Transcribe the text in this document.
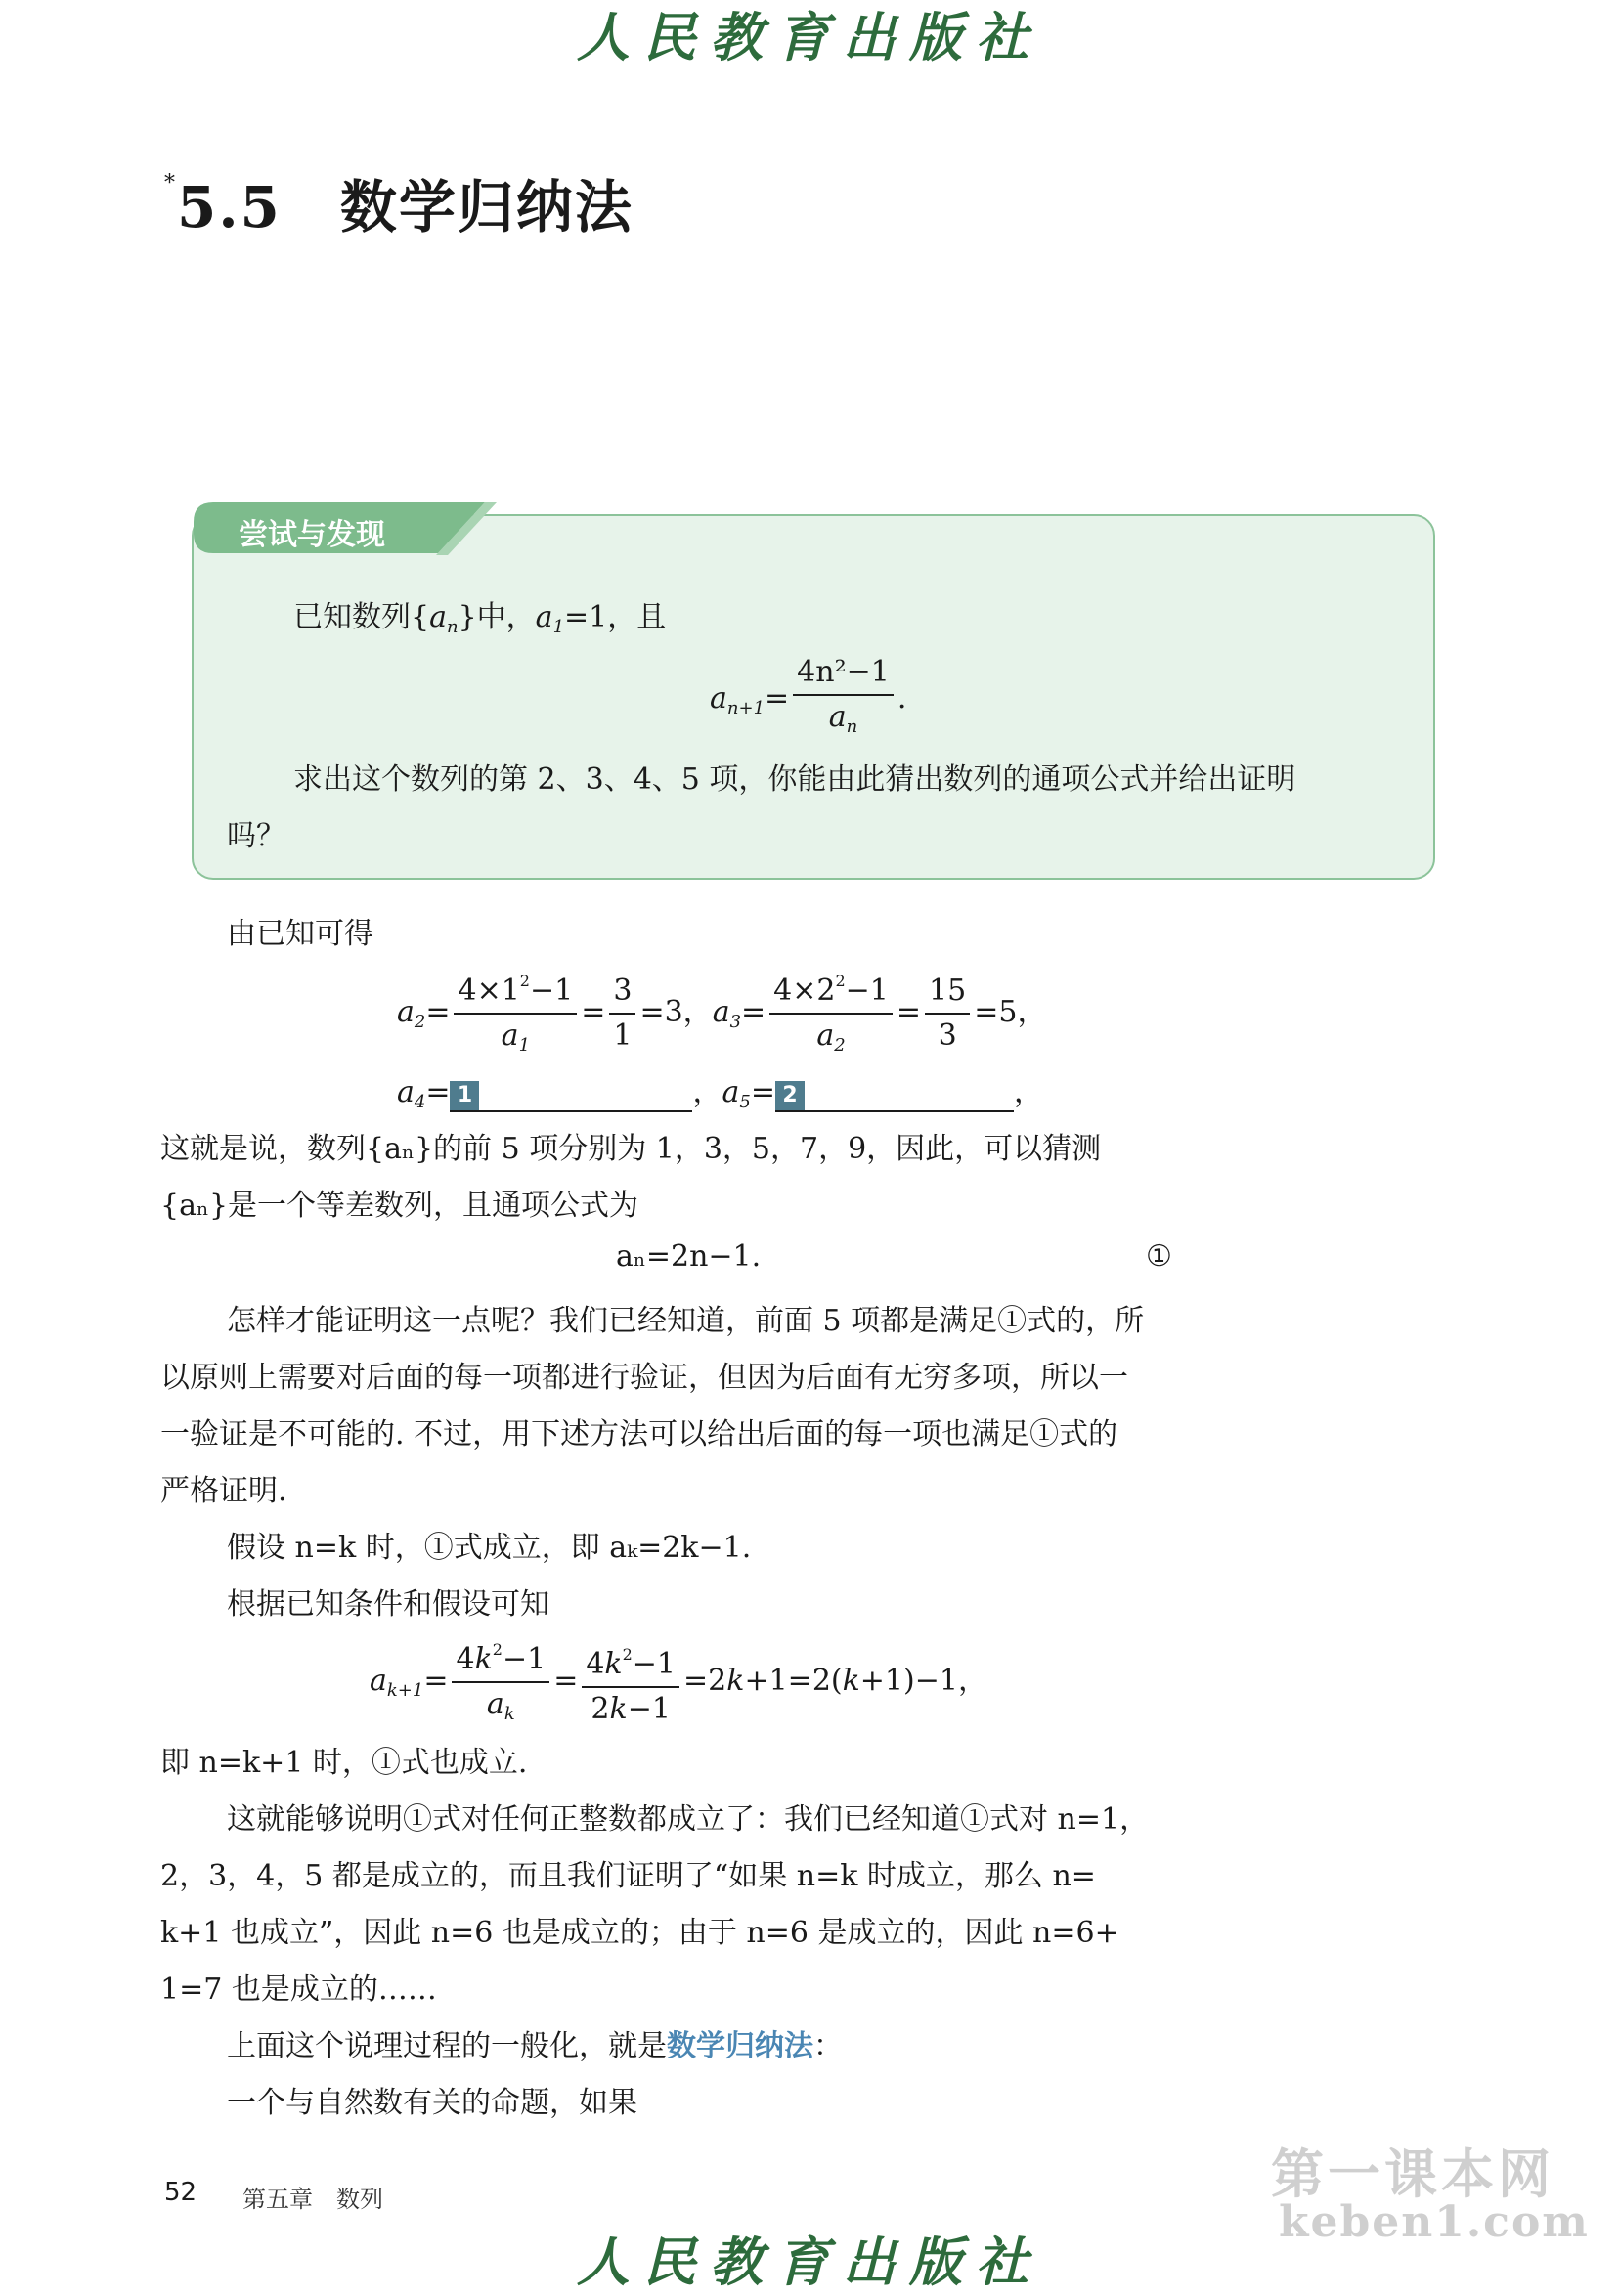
人民教育出版社
*5.5 数学归纳法
尝试与发现
已知数列$\{a_n\}$中，$a_1=1$，且
$a_{n+1}= \frac{\text{4n²−1}}{a_n}$ .
求出这个数列的第 2、3、4、5 项，你能由此猜出数列的通项公式并给出证明
吗？
由已知可得
$a_2= \frac{4\times 1^2-1}{a_1} = \frac{3}{1} =3$，$a_3= \frac{4\times 2^2-1}{a_2} = \frac{15}{3} =5$，
$a_4= 1$	，$a_5= 2$	，
这就是说，数列{aₙ}的前 5 项分别为 1，3，5，7，9，因此，可以猜测
{aₙ}是一个等差数列，且通项公式为
aₙ=2n−1.	①
怎样才能证明这一点呢？我们已经知道，前面 5 项都是满足①式的，所
以原则上需要对后面的每一项都进行验证，但因为后面有无穷多项，所以一
一验证是不可能的. 不过，用下述方法可以给出后面的每一项也满足①式的
严格证明.
假设 n=k 时，①式成立，即 aₖ=2k−1.
根据已知条件和假设可知
$a_{k+1}= \frac{4k^2-1}{a_k} = \frac{4k^2-1}{2k-1} =2k+1=2(k+1)-1$，
即 n=k+1 时，①式也成立.
这就能够说明①式对任何正整数都成立了：我们已经知道①式对 n=1，
2，3，4，5 都是成立的，而且我们证明了“如果 n=k 时成立，那么 n=
k+1 也成立”，因此 n=6 也是成立的；由于 n=6 是成立的，因此 n=6+
1=7 也是成立的……
上面这个说理过程的一般化，就是数学归纳法：
一个与自然数有关的命题，如果
52 第五章　数列	第一课本网
keben1.com
人民教育出版社
